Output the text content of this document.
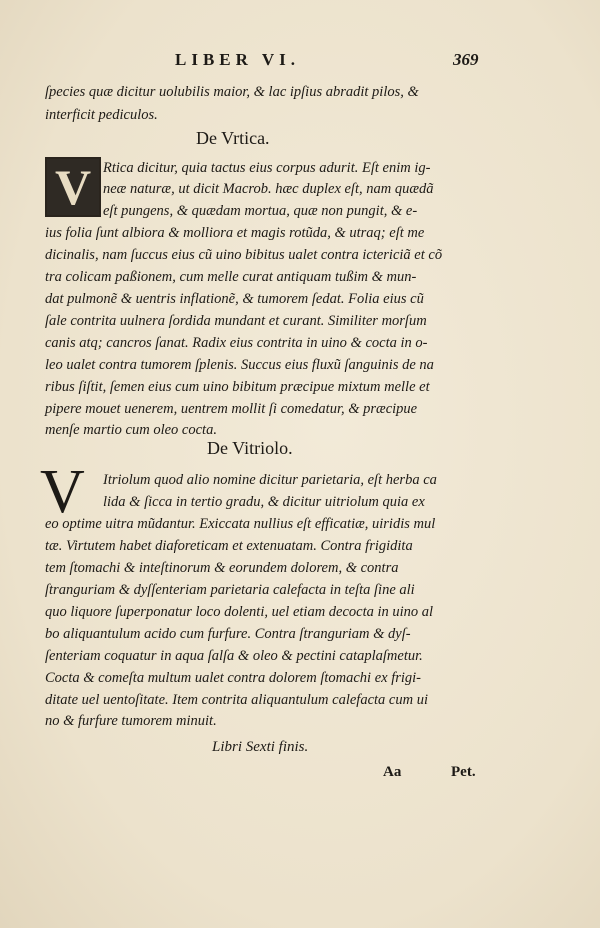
LIBER VI.	369
ſpecies quæ dicitur uolubilis maior, & lac ipſius abradit pilos, &
interficit pediculos.
De Vrtica.
V Rtica dicitur, quia tactus eius corpus adurit. Eſt enim ig-
neæ naturæ, ut dicit Macrob. hæc duplex eſt, nam quædã
eſt pungens, & quædam mortua, quæ non pungit, & e-
ius folia ſunt albiora & molliora et magis rotũda, & utraq; eſt me
dicinalis, nam ſuccus eius cũ uino bibitus ualet contra ictericiã et cõ
tra colicam paßionem, cum melle curat antiquam tußim & mun-
dat pulmonẽ & uentris inflationẽ, & tumorem ſedat. Folia eius cũ
ſale contrita uulnera ſordida mundant et curant. Similiter morſum
canis atq; cancros ſanat. Radix eius contrita in uino & cocta in o-
leo ualet contra tumorem ſplenis. Succus eius fluxũ ſanguinis de na
ribus ſiſtit, ſemen eius cum uino bibitum præcipue mixtum melle et
pipere mouet uenerem, uentrem mollit ſi comedatur, & præcipue
menſe martio cum oleo cocta.
De Vitriolo.
V Itriolum quod alio nomine dicitur parietaria, eſt herba ca
lida & ſicca in tertio gradu, & dicitur uitriolum quia ex
eo optime uitra mũdantur. Exiccata nullius eſt efficatiæ, uiridis mul
tæ. Virtutem habet diaforeticam et extenuatam. Contra frigidita
tem ſtomachi & inteſtinorum & eorundem dolorem, & contra
ſtranguriam & dyſſenteriam parietaria calefacta in teſta ſine ali
quo liquore ſuperponatur loco dolenti, uel etiam decocta in uino al
bo aliquantulum acido cum furfure. Contra ſtranguriam & dyſ-
ſenteriam coquatur in aqua ſalſa & oleo & pectini cataplaſmetur.
Cocta & comeſta multum ualet contra dolorem ſtomachi ex frigi-
ditate uel uentoſitate. Item contrita aliquantulum calefacta cum ui
no & furfure tumorem minuit.
Libri Sexti finis.
Aa	Pet.
